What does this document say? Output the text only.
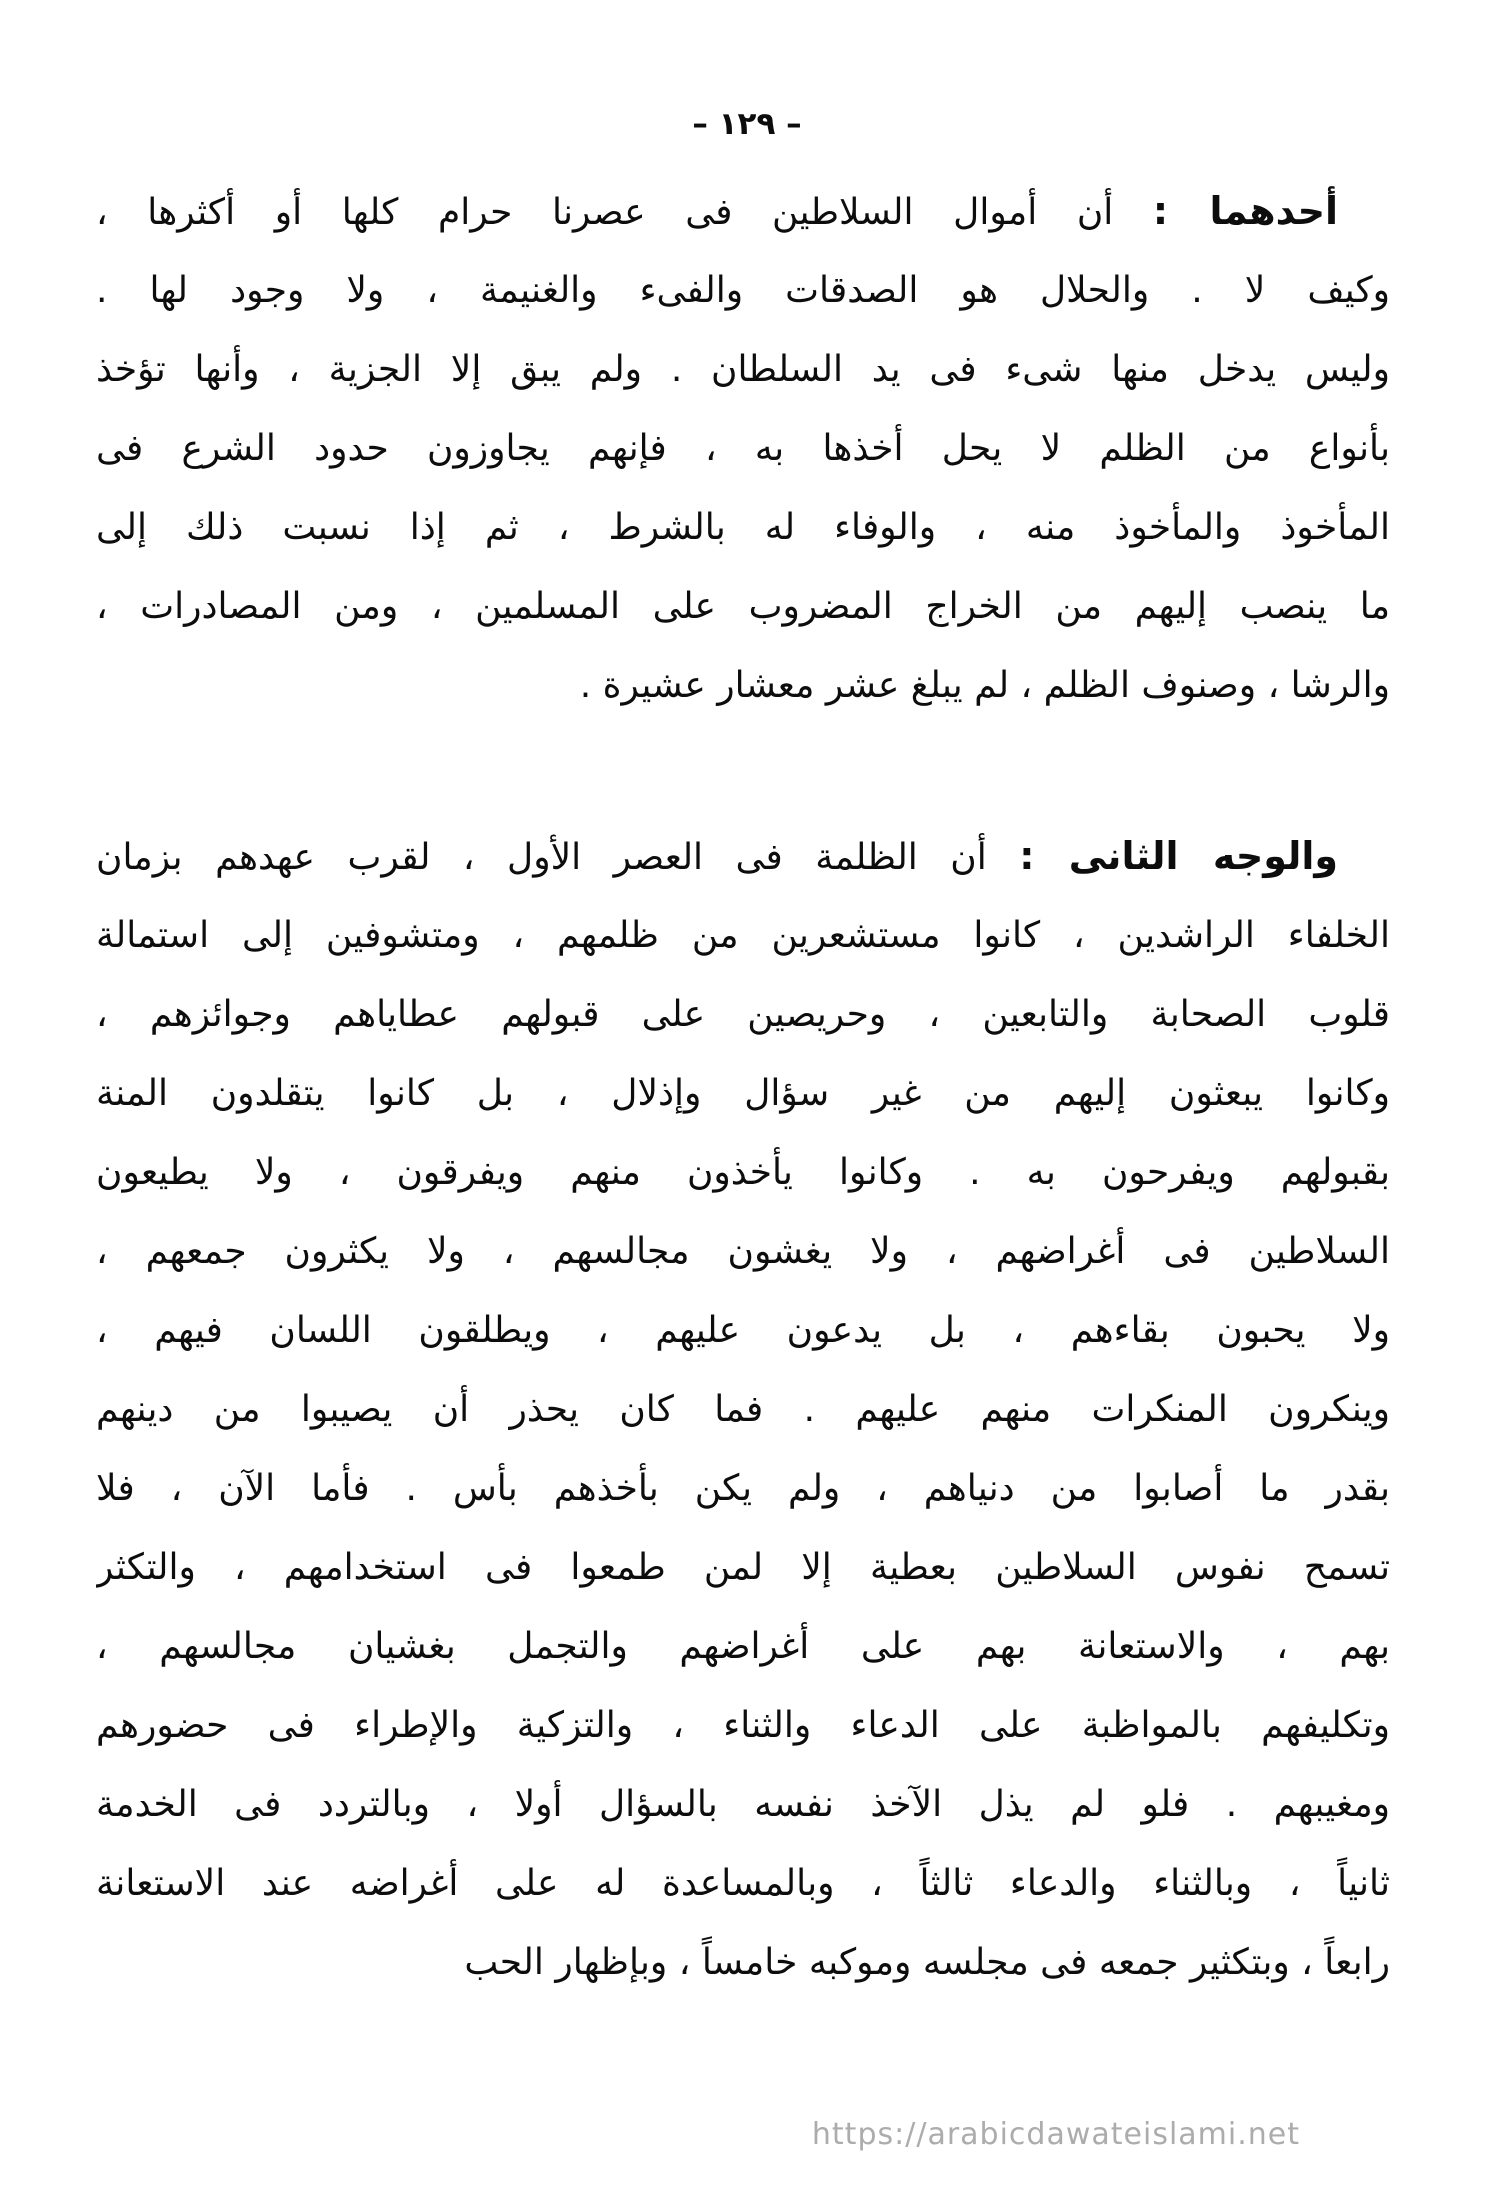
– ١٢٩ –
أحدهما : أن أموال السلاطين فى عصرنا حرام كلها أو أكثرها ،
وكيف لا . والحلال هو الصدقات والفىء والغنيمة ، ولا وجود لها .
وليس يدخل منها شىء فى يد السلطان . ولم يبق إلا الجزية ، وأنها تؤخذ
بأنواع من الظلم لا يحل أخذها به ، فإنهم يجاوزون حدود الشرع فى
المأخوذ والمأخوذ منه ، والوفاء له بالشرط ، ثم إذا نسبت ذلك إلى
ما ينصب إليهم من الخراج المضروب على المسلمين ، ومن المصادرات ،
والرشا ، وصنوف الظلم ، لم يبلغ عشر معشار عشيرة .
والوجه الثانى : أن الظلمة فى العصر الأول ، لقرب عهدهم بزمان
الخلفاء الراشدين ، كانوا مستشعرين من ظلمهم ، ومتشوفين إلى استمالة
قلوب الصحابة والتابعين ، وحريصين على قبولهم عطاياهم وجوائزهم ،
وكانوا يبعثون إليهم من غير سؤال وإذلال ، بل كانوا يتقلدون المنة
بقبولهم ويفرحون به . وكانوا يأخذون منهم ويفرقون ، ولا يطيعون
السلاطين فى أغراضهم ، ولا يغشون مجالسهم ، ولا يكثرون جمعهم ،
ولا يحبون بقاءهم ، بل يدعون عليهم ، ويطلقون اللسان فيهم ،
وينكرون المنكرات منهم عليهم . فما كان يحذر أن يصيبوا من دينهم
بقدر ما أصابوا من دنياهم ، ولم يكن بأخذهم بأس . فأما الآن ، فلا
تسمح نفوس السلاطين بعطية إلا لمن طمعوا فى استخدامهم ، والتكثر
بهم ، والاستعانة بهم على أغراضهم والتجمل بغشيان مجالسهم ،
وتكليفهم بالمواظبة على الدعاء والثناء ، والتزكية والإطراء فى حضورهم
ومغيبهم . فلو لم يذل الآخذ نفسه بالسؤال أولا ، وبالتردد فى الخدمة
ثانياً ، وبالثناء والدعاء ثالثاً ، وبالمساعدة له على أغراضه عند الاستعانة
رابعاً ، وبتكثير جمعه فى مجلسه وموكبه خامساً ، وبإظهار الحب
https://arabicdawateislami.net
